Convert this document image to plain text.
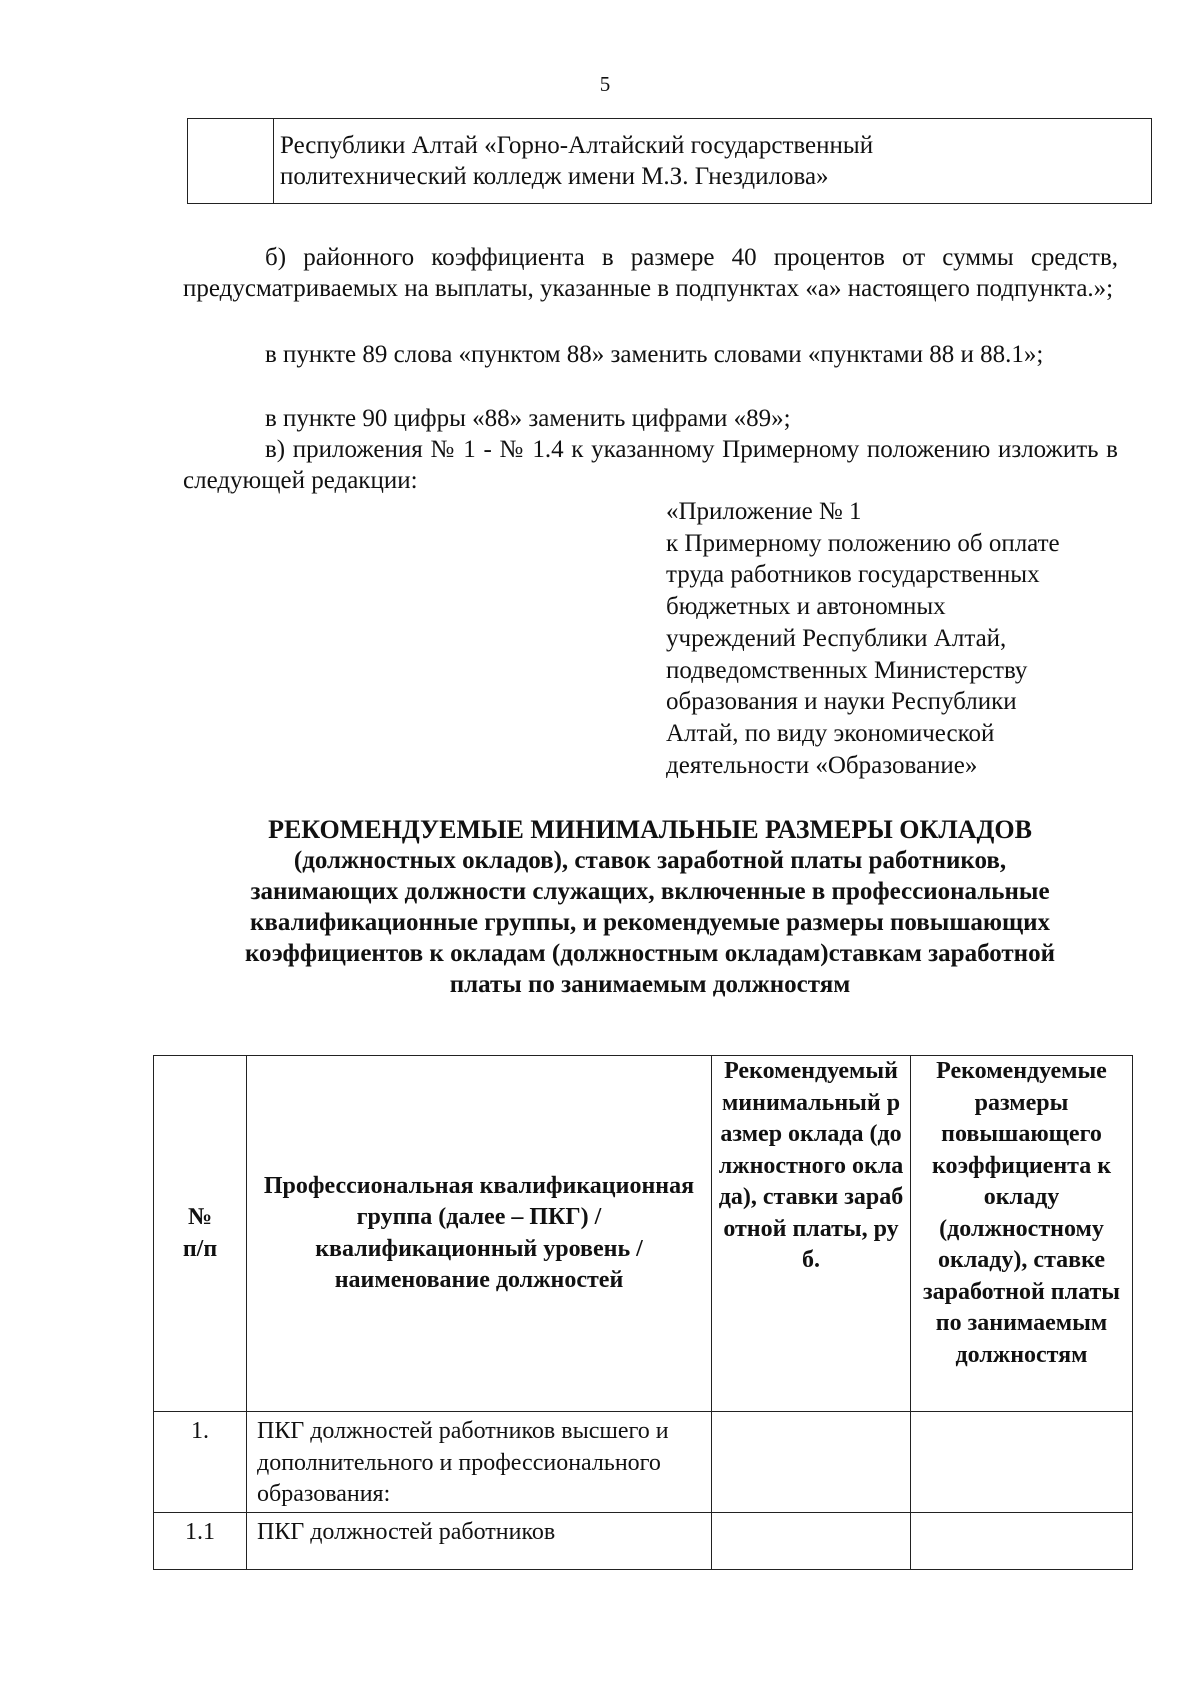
5
Республики Алтай «Горно-Алтайский государственный
политехнический колледж имени М.З. Гнездилова»
б) районного коэффициента в размере 40 процентов от суммы средств, предусматриваемых на выплаты, указанные в подпунктах «а» настоящего подпункта.»;
в пункте 89 слова «пунктом 88» заменить словами «пунктами 88 и 88.1»;
в пункте 90 цифры «88» заменить цифрами «89»;
в) приложения № 1 - № 1.4 к указанному Примерному положению изложить в следующей редакции:
«Приложение № 1
к Примерному положению об оплате
труда работников государственных
бюджетных и автономных
учреждений Республики Алтай,
подведомственных Министерству
образования и науки Республики
Алтай, по виду экономической
деятельности «Образование»
РЕКОМЕНДУЕМЫЕ МИНИМАЛЬНЫЕ РАЗМЕРЫ ОКЛАДОВ
(должностных окладов), ставок заработной платы работников,
занимающих должности служащих, включенные в профессиональные
квалификационные группы, и рекомендуемые размеры повышающих
коэффициентов к окладам (должностным окладам)ставкам заработной
платы по занимаемым должностям
№ п/п	Профессиональная квалификационная группа (далее – ПКГ) / квалификационный уровень / наименование должностей	Рекомендуемый минимальный размер оклада (должностного оклада), ставки заработной платы, руб.	Рекомендуемые размеры повышающего коэффициента к окладу (должностному окладу), ставке заработной платы по занимаемым должностям

1.	ПКГ должностей работников высшего и дополнительного и профессионального образования:		
1.1	ПКГ должностей работников		
